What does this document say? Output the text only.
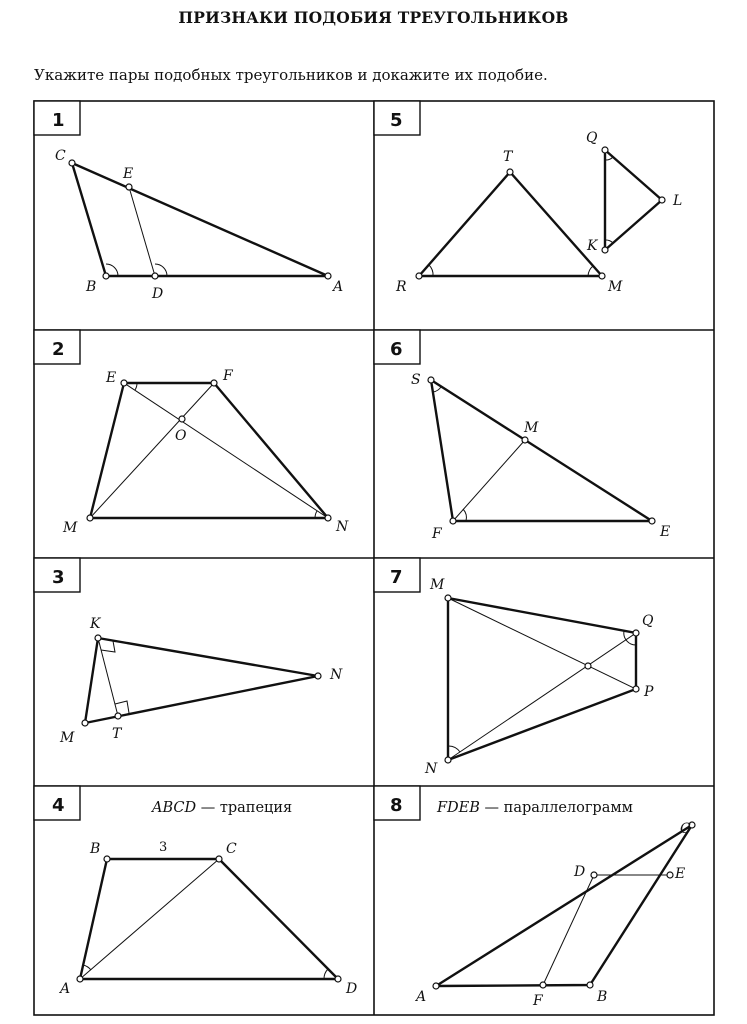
ПРИЗНАКИ ПОДОБИЯ ТРЕУГОЛЬНИКОВ
Укажите пары подобных треугольников и докажите их подобие.
1
C
E
B	D	A
2
E	F
O
M	N
3
K
N
M	T
4	ABCD — трапеция
B	3	C
A	D
5
T
Q
L
K
R	M
6
S
M
F	E
7 M
Q
P
N
8 FDEB — параллелограмм
C
D	E
A	F	B
